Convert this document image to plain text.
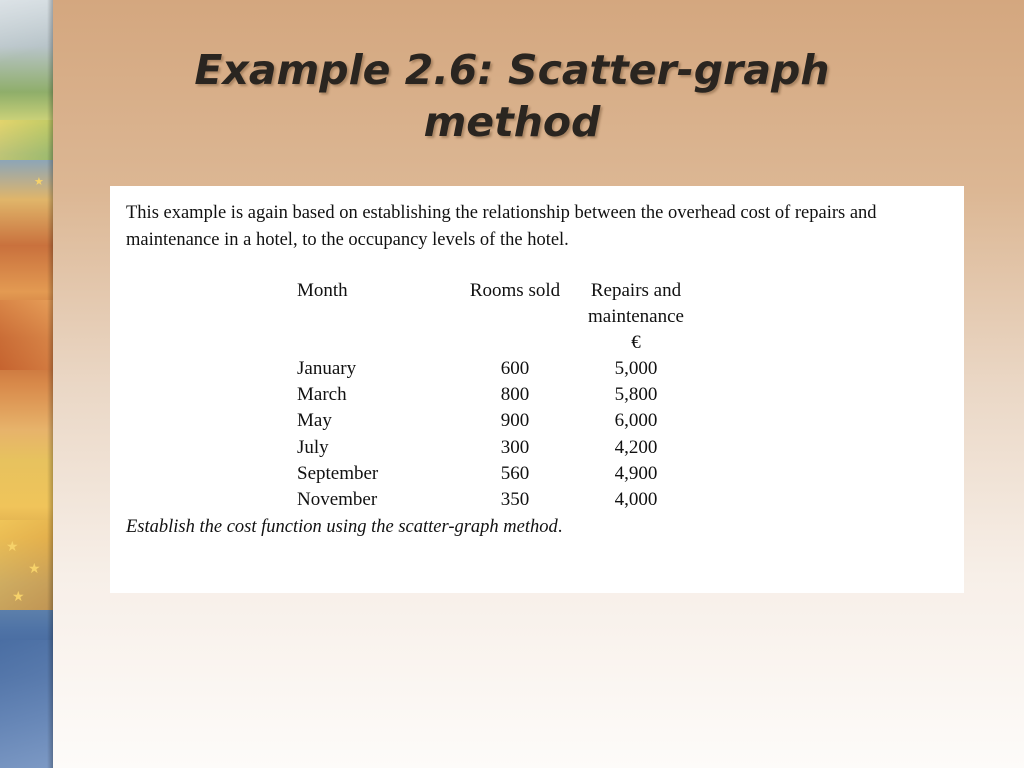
★
★
★
★
Example 2.6: Scatter-graph
method

This example is again based on establishing the relationship between the overhead cost of repairs and maintenance in a hotel, to the occupancy levels of the hotel.

Month	Rooms sold	Repairs and
maintenance
€

January	600	5,000
March	800	5,800
May	900	6,000
July	300	4,200
September	560	4,900
November	350	4,000

Establish the cost function using the scatter-graph method.
